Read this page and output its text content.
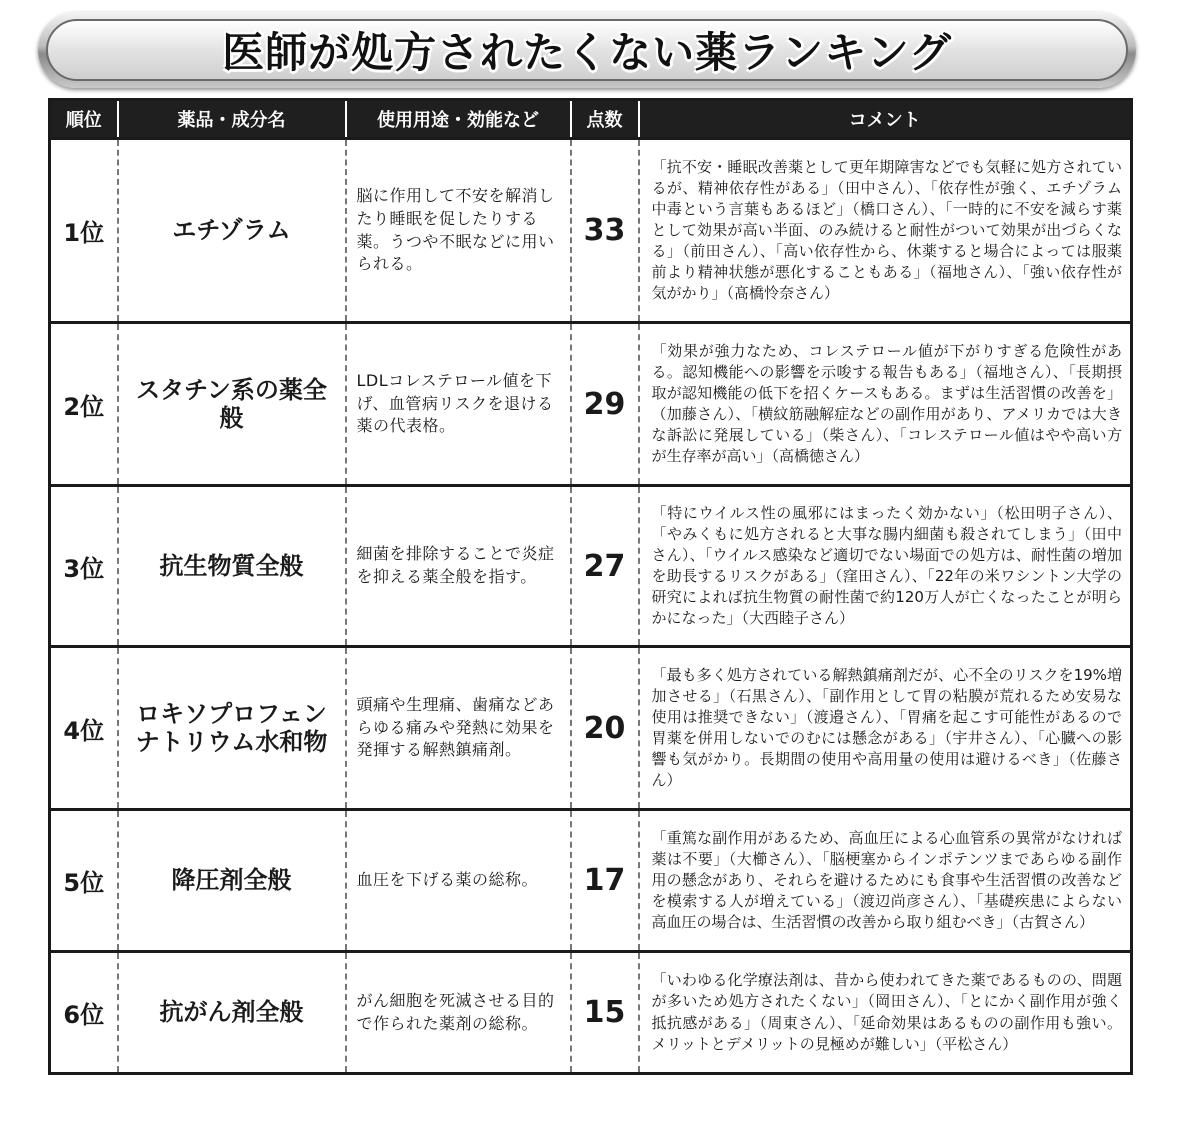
医師が処方されたくない薬ランキング
順位	薬品・成分名	使用用途・効能など	点数	コメント
1位	エチゾラム	脳に作用して不安を解消したり睡眠を促したりする薬。うつや不眠などに用いられる。	33	「抗不安・睡眠改善薬として更年期障害などでも気軽に処方されているが、精神依存性がある」（田中さん）、「依存性が強く、エチゾラム中毒という言葉もあるほど」（橋口さん）、「一時的に不安を減らす薬として効果が高い半面、のみ続けると耐性がついて効果が出づらくなる」（前田さん）、「高い依存性から、休薬すると場合によっては服薬前より精神状態が悪化することもある」（福地さん）、「強い依存性が気がかり」（髙橋怜奈さん）
2位	スタチン系の薬全般	LDLコレステロール値を下げ、血管病リスクを退ける薬の代表格。	29	「効果が強力なため、コレステロール値が下がりすぎる危険性がある。認知機能への影響を示唆する報告もある」（福地さん）、「長期摂取が認知機能の低下を招くケースもある。まずは生活習慣の改善を」（加藤さん）、「横紋筋融解症などの副作用があり、アメリカでは大きな訴訟に発展している」（柴さん）、「コレステロール値はやや高い方が生存率が高い」（高橋徳さん）
3位	抗生物質全般	細菌を排除することで炎症を抑える薬全般を指す。	27	「特にウイルス性の風邪にはまったく効かない」（松田明子さん）、「やみくもに処方されると大事な腸内細菌も殺されてしまう」（田中さん）、「ウイルス感染など適切でない場面での処方は、耐性菌の増加を助長するリスクがある」（窪田さん）、「22年の米ワシントン大学の研究によれば抗生物質の耐性菌で約120万人が亡くなったことが明らかになった」（大西睦子さん）
4位	ロキソプロフェンナトリウム水和物	頭痛や生理痛、歯痛などあらゆる痛みや発熱に効果を発揮する解熱鎮痛剤。	20	「最も多く処方されている解熱鎮痛剤だが、心不全のリスクを19%増加させる」（石黒さん）、「副作用として胃の粘膜が荒れるため安易な使用は推奨できない」（渡邉さん）、「胃痛を起こす可能性があるので胃薬を併用しないでのむには懸念がある」（宇井さん）、「心臓への影響も気がかり。長期間の使用や高用量の使用は避けるべき」（佐藤さん）
5位	降圧剤全般	血圧を下げる薬の総称。	17	「重篤な副作用があるため、高血圧による心血管系の異常がなければ薬は不要」（大櫛さん）、「脳梗塞からインポテンツまであらゆる副作用の懸念があり、それらを避けるためにも食事や生活習慣の改善などを模索する人が増えている」（渡辺尚彦さん）、「基礎疾患によらない高血圧の場合は、生活習慣の改善から取り組むべき」（古賀さん）
6位	抗がん剤全般	がん細胞を死滅させる目的で作られた薬剤の総称。	15	「いわゆる化学療法剤は、昔から使われてきた薬であるものの、問題が多いため処方されたくない」（岡田さん）、「とにかく副作用が強く抵抗感がある」（周東さん）、「延命効果はあるものの副作用も強い。メリットとデメリットの見極めが難しい」（平松さん）
